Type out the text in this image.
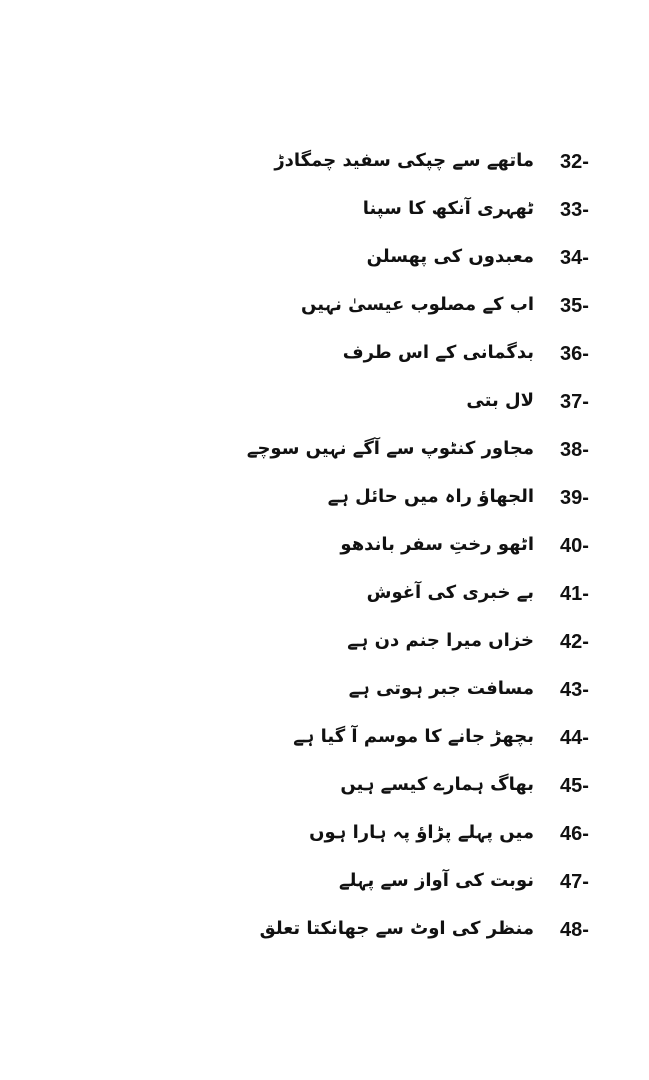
32-
ماتھے سے چپکی سفید چمگادڑ
33-
ٹھہری آنکھ کا سپنا
34-
معبدوں کی پھسلن
35-
اب کے مصلوب عیسیٰ نہیں
36-
بدگمانی کے اس طرف
37-
لال بتی
38-
مجاور کنٹوپ سے آگے نہیں سوچے
39-
الجھاؤ راہ میں حائل ہے
40-
اٹھو رختِ سفر باندھو
41-
بے خبری کی آغوش
42-
خزاں میرا جنم دن ہے
43-
مسافت جبر ہوتی ہے
44-
بچھڑ جانے کا موسم آ گیا ہے
45-
بھاگ ہمارے کیسے ہیں
46-
میں پہلے پڑاؤ پہ ہارا ہوں
47-
نوبت کی آواز سے پہلے
48-
منظر کی اوٹ سے جھانکتا تعلق
